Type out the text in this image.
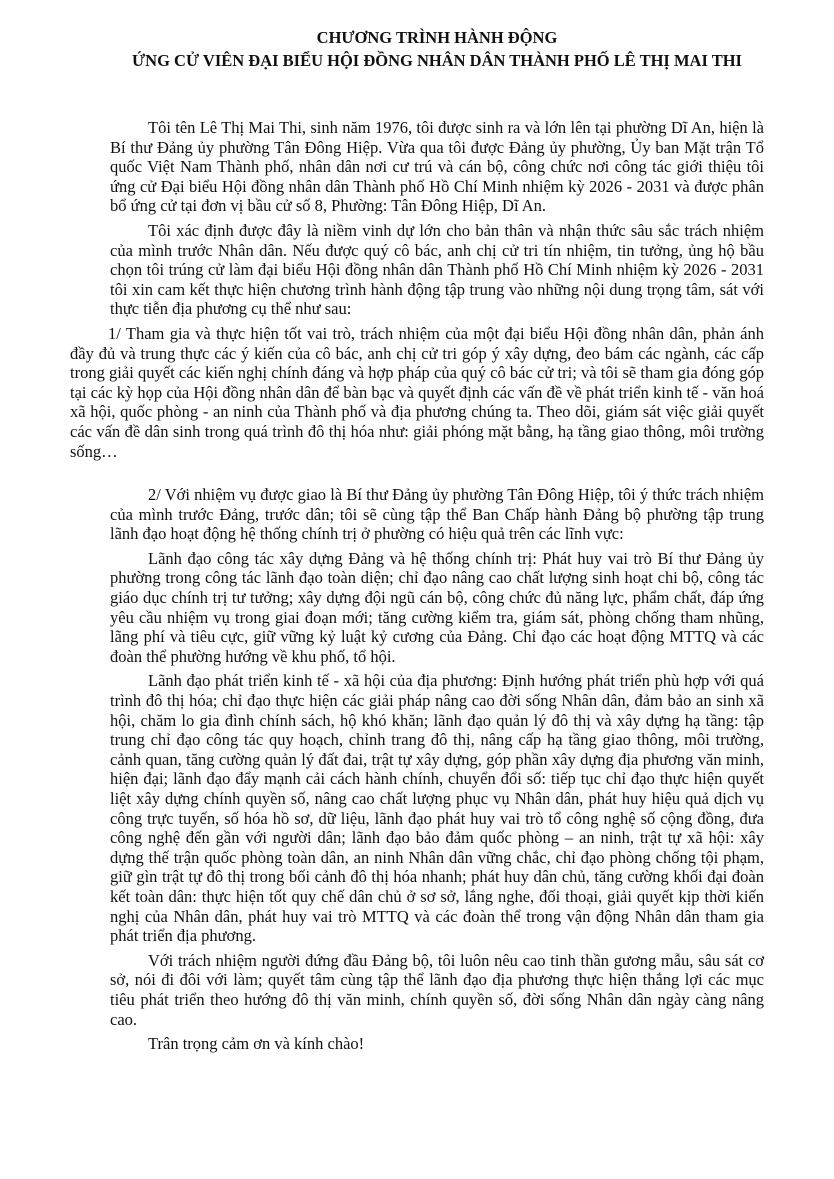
CHƯƠNG TRÌNH HÀNH ĐỘNG

ỨNG CỬ VIÊN ĐẠI BIỂU HỘI ĐỒNG NHÂN DÂN THÀNH PHỐ LÊ THỊ MAI THI

Tôi tên Lê Thị Mai Thi, sinh năm 1976, tôi được sinh ra và lớn lên tại phường Dĩ An, hiện là Bí thư Đảng ủy phường Tân Đông Hiệp. Vừa qua tôi được Đảng ủy phường, Ủy ban Mặt trận Tổ quốc Việt Nam Thành phố, nhân dân nơi cư trú và cán bộ, công chức nơi công tác giới thiệu tôi ứng cử Đại biểu Hội đồng nhân dân Thành phố Hồ Chí Minh nhiệm kỳ 2026 - 2031 và được phân bổ ứng cử tại đơn vị bầu cử số 8, Phường: Tân Đông Hiệp, Dĩ An.

Tôi xác định được đây là niềm vinh dự lớn cho bản thân và nhận thức sâu sắc trách nhiệm của mình trước Nhân dân. Nếu được quý cô bác, anh chị cử tri tín nhiệm, tin tưởng, ủng hộ bầu chọn tôi trúng cử làm đại biểu Hội đồng nhân dân Thành phố Hồ Chí Minh nhiệm kỳ 2026 - 2031 tôi xin cam kết thực hiện chương trình hành động tập trung vào những nội dung trọng tâm, sát với thực tiễn địa phương cụ thể như sau:

1/ Tham gia và thực hiện tốt vai trò, trách nhiệm của một đại biểu Hội đồng nhân dân, phản ánh đầy đủ và trung thực các ý kiến của cô bác, anh chị cử tri góp ý xây dựng, đeo bám các ngành, các cấp trong giải quyết các kiến nghị chính đáng và hợp pháp của quý cô bác cử tri; và tôi sẽ tham gia đóng góp tại các kỳ họp của Hội đồng nhân dân để bàn bạc và quyết định các vấn đề về phát triển kinh tế - văn hoá xã hội, quốc phòng - an ninh của Thành phố và địa phương chúng ta. Theo dõi, giám sát việc giải quyết các vấn đề dân sinh trong quá trình đô thị hóa như: giải phóng mặt bằng, hạ tầng giao thông, môi trường sống…

2/ Với nhiệm vụ được giao là Bí thư Đảng ủy phường Tân Đông Hiệp, tôi ý thức trách nhiệm của mình trước Đảng, trước dân; tôi sẽ cùng tập thể Ban Chấp hành Đảng bộ phường tập trung lãnh đạo hoạt động hệ thống chính trị ở phường có hiệu quả trên các lĩnh vực:

Lãnh đạo công tác xây dựng Đảng và hệ thống chính trị: Phát huy vai trò Bí thư Đảng ủy phường trong công tác lãnh đạo toàn diện; chỉ đạo nâng cao chất lượng sinh hoạt chi bộ, công tác giáo dục chính trị tư tưởng; xây dựng đội ngũ cán bộ, công chức đủ năng lực, phẩm chất, đáp ứng yêu cầu nhiệm vụ trong giai đoạn mới; tăng cường kiểm tra, giám sát, phòng chống tham nhũng, lãng phí và tiêu cực, giữ vững kỷ luật kỷ cương của Đảng. Chỉ đạo các hoạt động MTTQ và các đoàn thể phường hướng về khu phố, tổ hội.

Lãnh đạo phát triển kinh tế - xã hội của địa phương: Định hướng phát triển phù hợp với quá trình đô thị hóa; chỉ đạo thực hiện các giải pháp nâng cao đời sống Nhân dân, đảm bảo an sinh xã hội, chăm lo gia đình chính sách, hộ khó khăn; lãnh đạo quản lý đô thị và xây dựng hạ tầng: tập trung chỉ đạo công tác quy hoạch, chỉnh trang đô thị, nâng cấp hạ tầng giao thông, môi trường, cảnh quan, tăng cường quản lý đất đai, trật tự xây dựng, góp phần xây dựng địa phương văn minh, hiện đại; lãnh đạo đẩy mạnh cải cách hành chính, chuyển đổi số: tiếp tục chỉ đạo thực hiện quyết liệt xây dựng chính quyền số, nâng cao chất lượng phục vụ Nhân dân, phát huy hiệu quả dịch vụ công trực tuyến, số hóa hồ sơ, dữ liệu, lãnh đạo phát huy vai trò tổ công nghệ số cộng đồng, đưa công nghệ đến gần với người dân; lãnh đạo bảo đảm quốc phòng – an ninh, trật tự xã hội: xây dựng thế trận quốc phòng toàn dân, an ninh Nhân dân vững chắc, chỉ đạo phòng chống tội phạm, giữ gìn trật tự đô thị trong bối cảnh đô thị hóa nhanh; phát huy dân chủ, tăng cường khối đại đoàn kết toàn dân: thực hiện tốt quy chế dân chủ ở sơ sở, lắng nghe, đối thoại, giải quyết kịp thời kiến nghị của Nhân dân, phát huy vai trò MTTQ và các đoàn thể trong vận động Nhân dân tham gia phát triển địa phương.

Với trách nhiệm người đứng đầu Đảng bộ, tôi luôn nêu cao tinh thần gương mẫu, sâu sát cơ sở, nói đi đôi với làm; quyết tâm cùng tập thể lãnh đạo địa phương thực hiện thắng lợi các mục tiêu phát triển theo hướng đô thị văn minh, chính quyền số, đời sống Nhân dân ngày càng nâng cao.

Trân trọng cảm ơn và kính chào!
